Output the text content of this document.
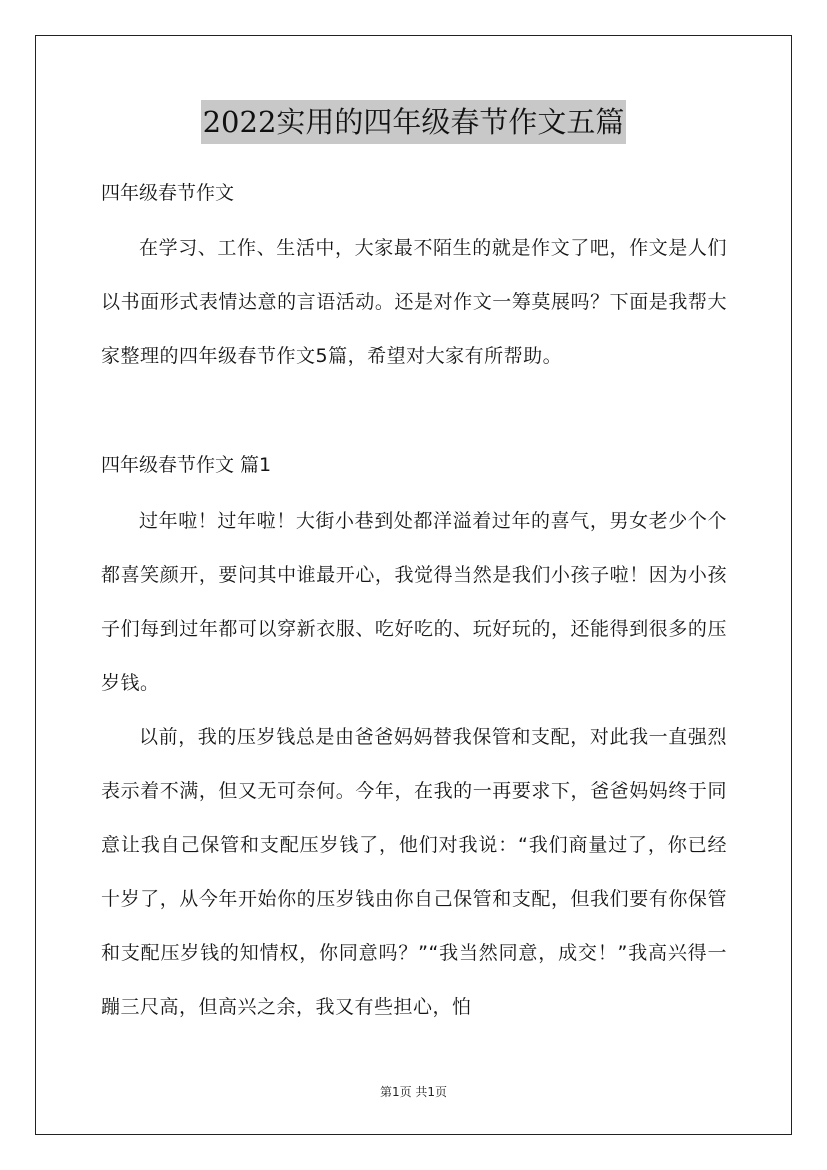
2022实用的四年级春节作文五篇
四年级春节作文

在学习、工作、生活中，大家最不陌生的就是作文了吧，作文是人们以书面形式表情达意的言语活动。还是对作文一筹莫展吗？下面是我帮大家整理的四年级春节作文5篇，希望对大家有所帮助。

四年级春节作文 篇1

过年啦！过年啦！大街小巷到处都洋溢着过年的喜气，男女老少个个都喜笑颜开，要问其中谁最开心，我觉得当然是我们小孩子啦！因为小孩子们每到过年都可以穿新衣服、吃好吃的、玩好玩的，还能得到很多的压岁钱。

以前，我的压岁钱总是由爸爸妈妈替我保管和支配，对此我一直强烈表示着不满，但又无可奈何。今年，在我的一再要求下，爸爸妈妈终于同意让我自己保管和支配压岁钱了，他们对我说：“我们商量过了，你已经十岁了，从今年开始你的压岁钱由你自己保管和支配，但我们要有你保管和支配压岁钱的知情权，你同意吗？”“我当然同意，成交！”我高兴得一蹦三尺高，但高兴之余，我又有些担心，怕

第1页 共1页
